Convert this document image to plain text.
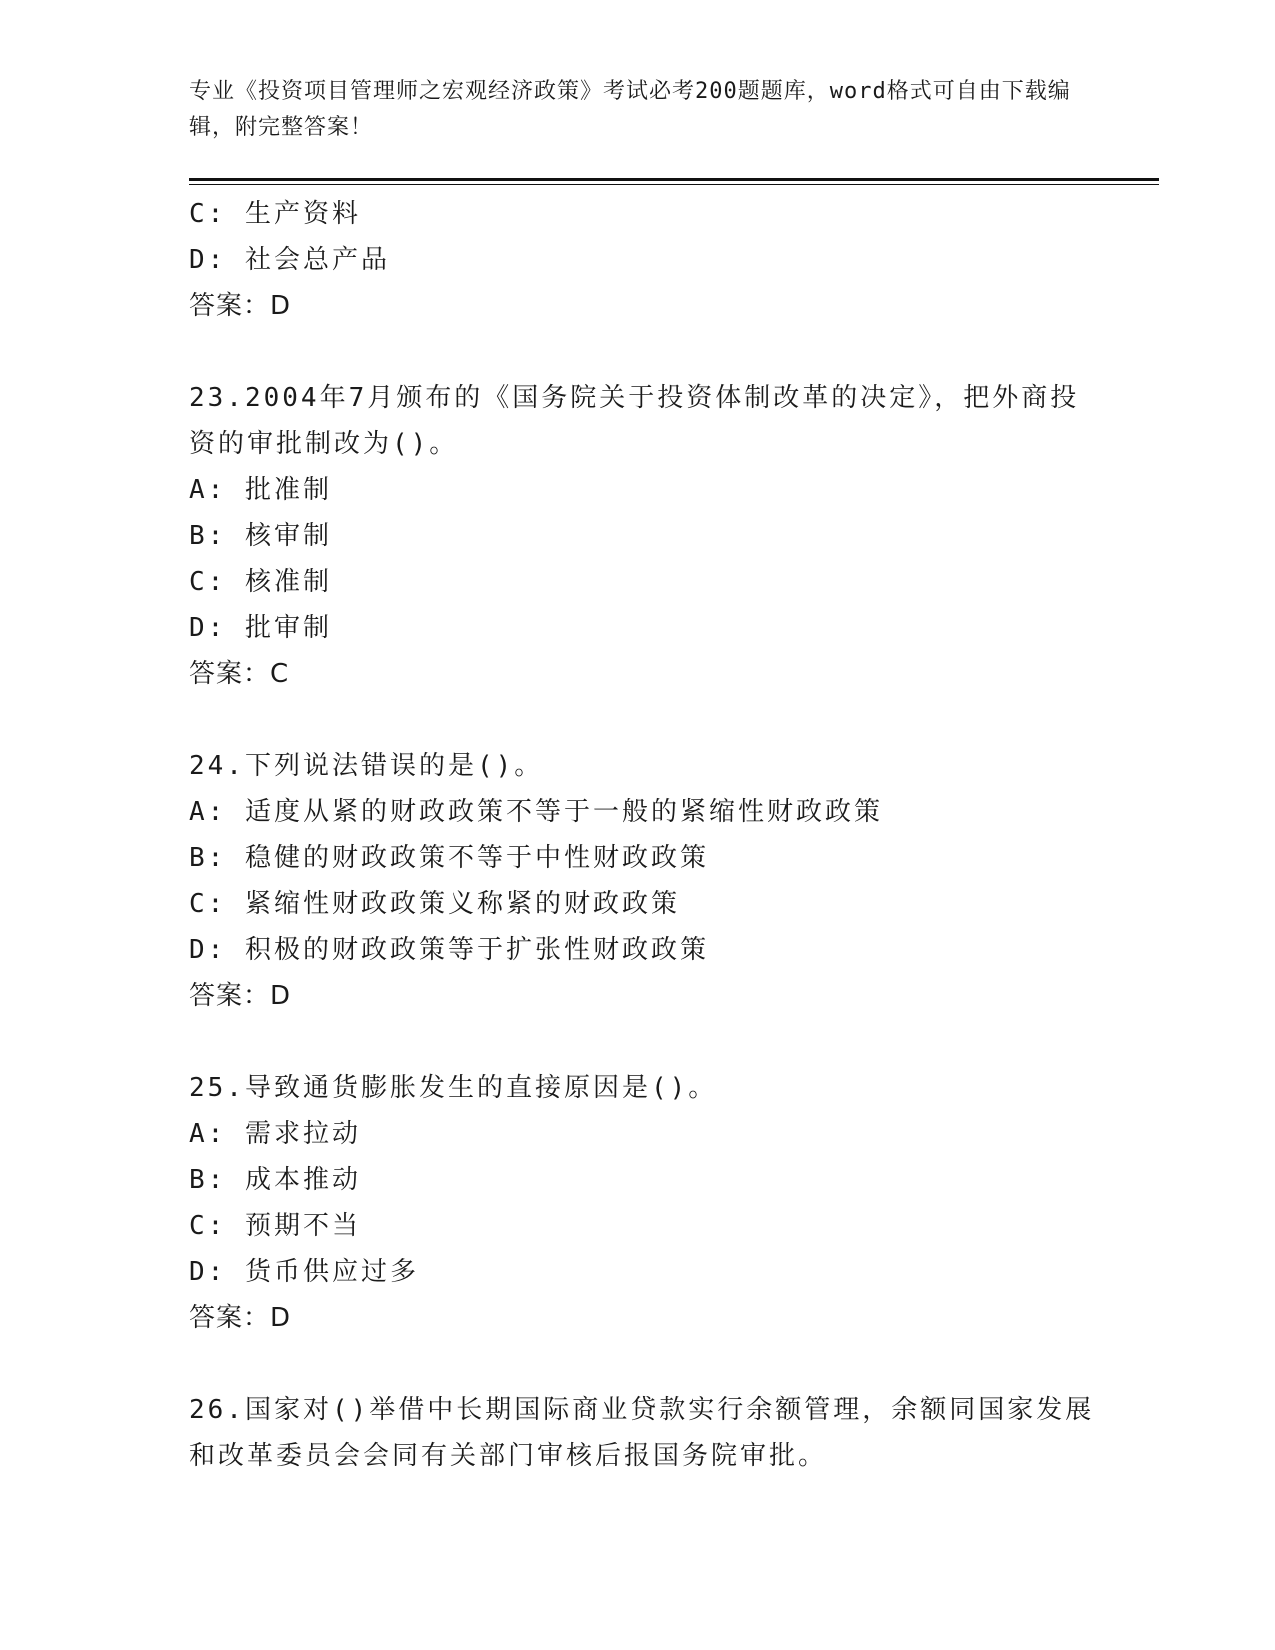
专业《投资项目管理师之宏观经济政策》考试必考200题题库，word格式可自由下载编辑，附完整答案！
C: 生产资料
D: 社会总产品
答案：D
23.2004年7月颁布的《国务院关于投资体制改革的决定》，把外商投
资的审批制改为()。
A: 批准制
B: 核审制
C: 核准制
D: 批审制
答案：C
24.下列说法错误的是()。
A: 适度从紧的财政政策不等于一般的紧缩性财政政策
B: 稳健的财政政策不等于中性财政政策
C: 紧缩性财政政策义称紧的财政政策
D: 积极的财政政策等于扩张性财政政策
答案：D
25.导致通货膨胀发生的直接原因是()。
A: 需求拉动
B: 成本推动
C: 预期不当
D: 货币供应过多
答案：D
26.国家对()举借中长期国际商业贷款实行余额管理，余额同国家发展
和改革委员会会同有关部门审核后报国务院审批。
